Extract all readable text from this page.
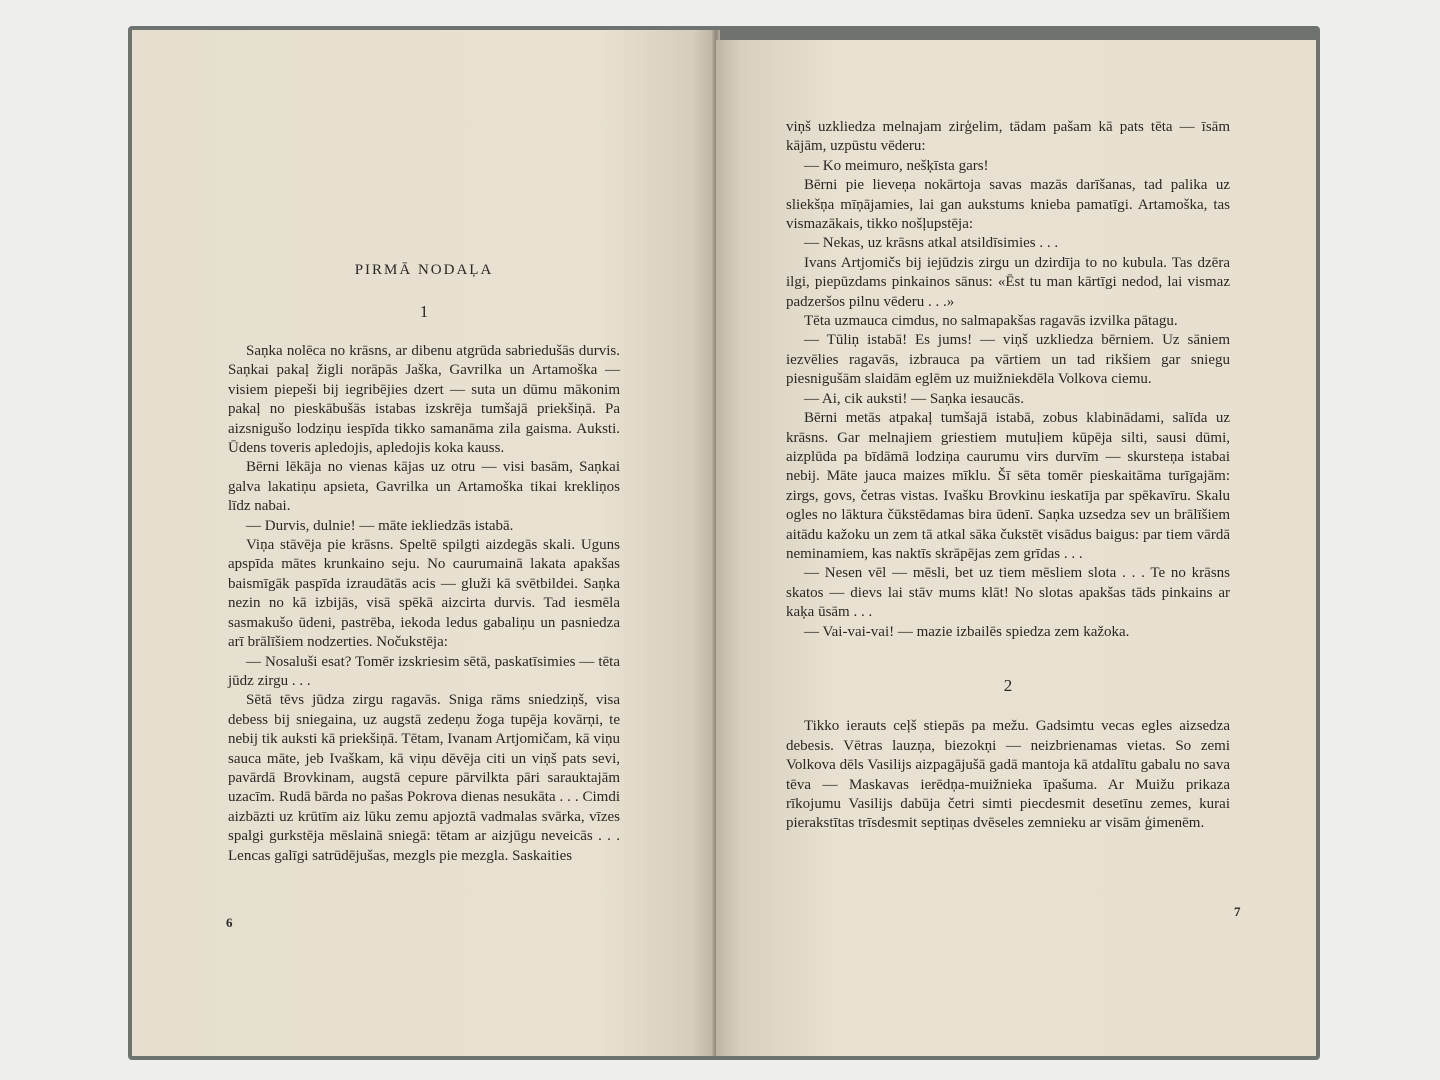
PIRMĀ NODAĻA
1

Saņka nolēca no krāsns, ar dibenu atgrūda sabriedušās durvis. Saņkai pakaļ žigli norāpās Jaška, Gavrilka un Artamoška — visiem piepeši bij iegribējies dzert — suta un dūmu mākonim pakaļ no pieskābušās istabas izskrēja tumšajā priekšiņā. Pa aizsnigušo lodziņu iespīda tikko samanāma zila gaisma. Auksti. Ūdens toveris apledojis, apledojis koka kauss.

Bērni lēkāja no vienas kājas uz otru — visi basām, Saņkai galva lakatiņu apsieta, Gavrilka un Artamoška tikai krekliņos līdz nabai.

— Durvis, dulnie! — māte iekliedzās istabā.

Viņa stāvēja pie krāsns. Speltē spilgti aizdegās skali. Uguns apspīda mātes krunkaino seju. No caurumainā lakata apakšas baismīgāk paspīda izraudātās acis — gluži kā svētbildei. Saņka nezin no kā izbijās, visā spēkā aizcirta durvis. Tad iesmēla sasmakušo ūdeni, pastrēba, iekoda ledus gabaliņu un pasniedza arī brālīšiem nodzerties. Nočukstēja:

— Nosaluši esat? Tomēr izskriesim sētā, paskatīsimies — tēta jūdz zirgu . . .

Sētā tēvs jūdza zirgu ragavās. Sniga rāms sniedziņš, visa debess bij sniegaina, uz augstā zedeņu žoga tupēja kovārņi, te nebij tik auksti kā priekšiņā. Tētam, Ivanam Artjomičam, kā viņu sauca māte, jeb Ivaškam, kā viņu dēvēja citi un viņš pats sevi, pavārdā Brovkinam, augstā cepure pārvilkta pāri sarauktajām uzacīm. Rudā bārda no pašas Pokrova dienas nesukāta . . . Cimdi aizbāzti uz krūtīm aiz lūku zemu apjoztā vadmalas svārka, vīzes spalgi gurkstēja mēslainā sniegā: tētam ar aizjūgu neveicās . . . Lencas galīgi satrūdējušas, mezgls pie mezgla. Saskaities

6

viņš uzkliedza melnajam zirģelim, tādam pašam kā pats tēta — īsām kājām, uzpūstu vēderu:

— Ko meimuro, nešķīsta gars!

Bērni pie lieveņa nokārtoja savas mazās darīšanas, tad palika uz sliekšņa mīņājamies, lai gan aukstums knieba pamatīgi. Artamoška, tas vismazākais, tikko nošļupstēja:

— Nekas, uz krāsns atkal atsildīsimies . . .

Ivans Artjomičs bij iejūdzis zirgu un dzirdīja to no kubula. Tas dzēra ilgi, piepūzdams pinkainos sānus: «Ēst tu man kārtīgi nedod, lai vismaz padzeršos pilnu vēderu . . .»

Tēta uzmauca cimdus, no salmapakšas ragavās izvilka pātagu.

— Tūliņ istabā! Es jums! — viņš uzkliedza bērniem. Uz sāniem iezvēlies ragavās, izbrauca pa vārtiem un tad rikšiem gar sniegu piesnigušām slaidām eglēm uz muižniekdēla Volkova ciemu.

— Ai, cik auksti! — Saņka iesaucās.

Bērni metās atpakaļ tumšajā istabā, zobus klabinādami, salīda uz krāsns. Gar melnajiem griestiem mutuļiem kūpēja silti, sausi dūmi, aizplūda pa bīdāmā lodziņa caurumu virs durvīm — skursteņa istabai nebij. Māte jauca maizes mīklu. Šī sēta tomēr pieskaitāma turīgajām: zirgs, govs, četras vistas. Ivašku Brovkinu ieskatīja par spēkavīru. Skalu ogles no lāktura čūkstēdamas bira ūdenī. Saņka uzsedza sev un brālīšiem aitādu kažoku un zem tā atkal sāka čukstēt visādus baigus: par tiem vārdā neminamiem, kas naktīs skrāpējas zem grīdas . . .

— Nesen vēl — mēsli, bet uz tiem mēsliem slota . . . Te no krāsns skatos — dievs lai stāv mums klāt! No slotas apakšas tāds pinkains ar kaķa ūsām . . .

— Vai-vai-vai! — mazie izbailēs spiedza zem kažoka.

2

Tikko ierauts ceļš stiepās pa mežu. Gadsimtu vecas egles aizsedza debesis. Vētras lauzņa, biezokņi — neizbrienamas vietas. So zemi Volkova dēls Vasilijs aizpagājušā gadā mantoja kā atdalītu gabalu no sava tēva — Maskavas ierēdņa-muižnieka īpašuma. Ar Muižu prikaza rīkojumu Vasilijs dabūja četri simti piecdesmit desetīnu zemes, kurai pierakstītas trīsdesmit septiņas dvēseles zemnieku ar visām ģimenēm.

7
